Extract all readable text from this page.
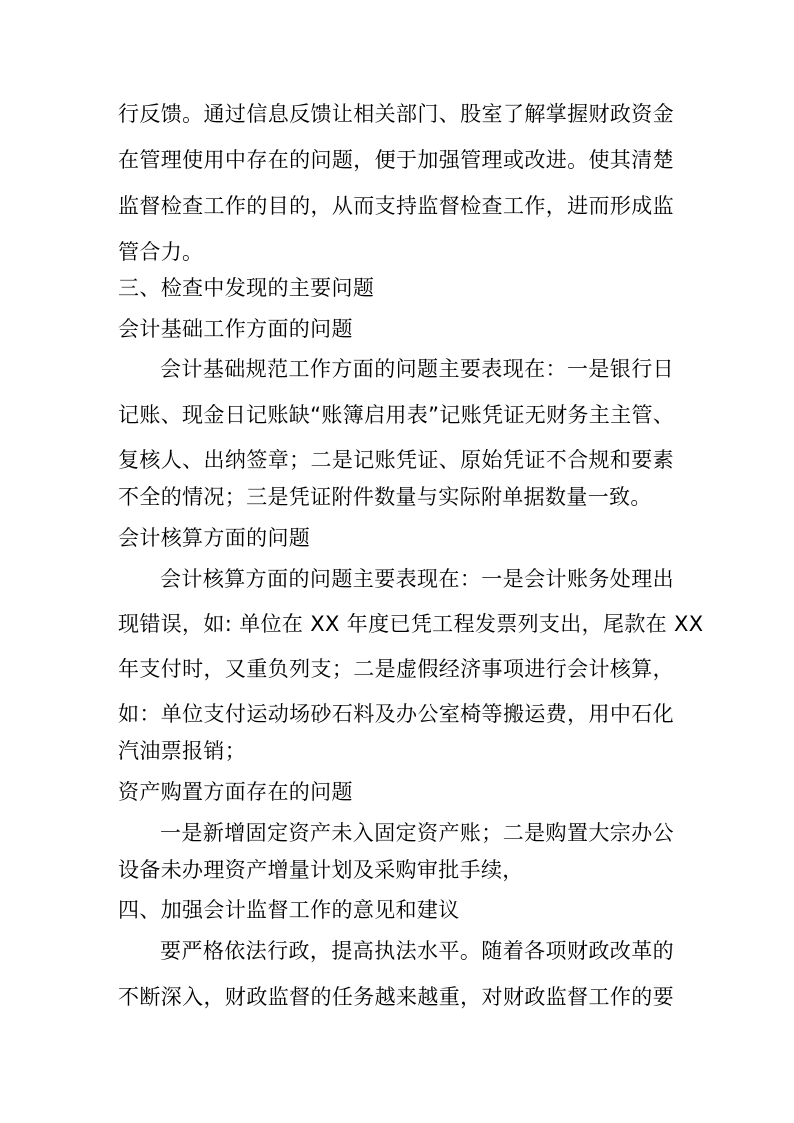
行反馈。通过信息反馈让相关部门、股室了解掌握财政资金
在管理使用中存在的问题，便于加强管理或改进。使其清楚
监督检查工作的目的，从而支持监督检查工作，进而形成监
管合力。
三、检查中发现的主要问题
会计基础工作方面的问题
会计基础规范工作方面的问题主要表现在：一是银行日
记账、现金日记账缺“账簿启用表”记账凭证无财务主主管、
复核人、出纳签章；二是记账凭证、原始凭证不合规和要素
不全的情况；三是凭证附件数量与实际附单据数量一致。
会计核算方面的问题
会计核算方面的问题主要表现在：一是会计账务处理出
现错误，如: 单位在 XX 年度已凭工程发票列支出，尾款在 XX
年支付时，又重负列支；二是虚假经济事项进行会计核算，
如：单位支付运动场砂石料及办公室椅等搬运费，用中石化
汽油票报销；
资产购置方面存在的问题
一是新增固定资产未入固定资产账；二是购置大宗办公
设备未办理资产增量计划及采购审批手续，
四、加强会计监督工作的意见和建议
要严格依法行政，提高执法水平。随着各项财政改革的
不断深入，财政监督的任务越来越重，对财政监督工作的要
